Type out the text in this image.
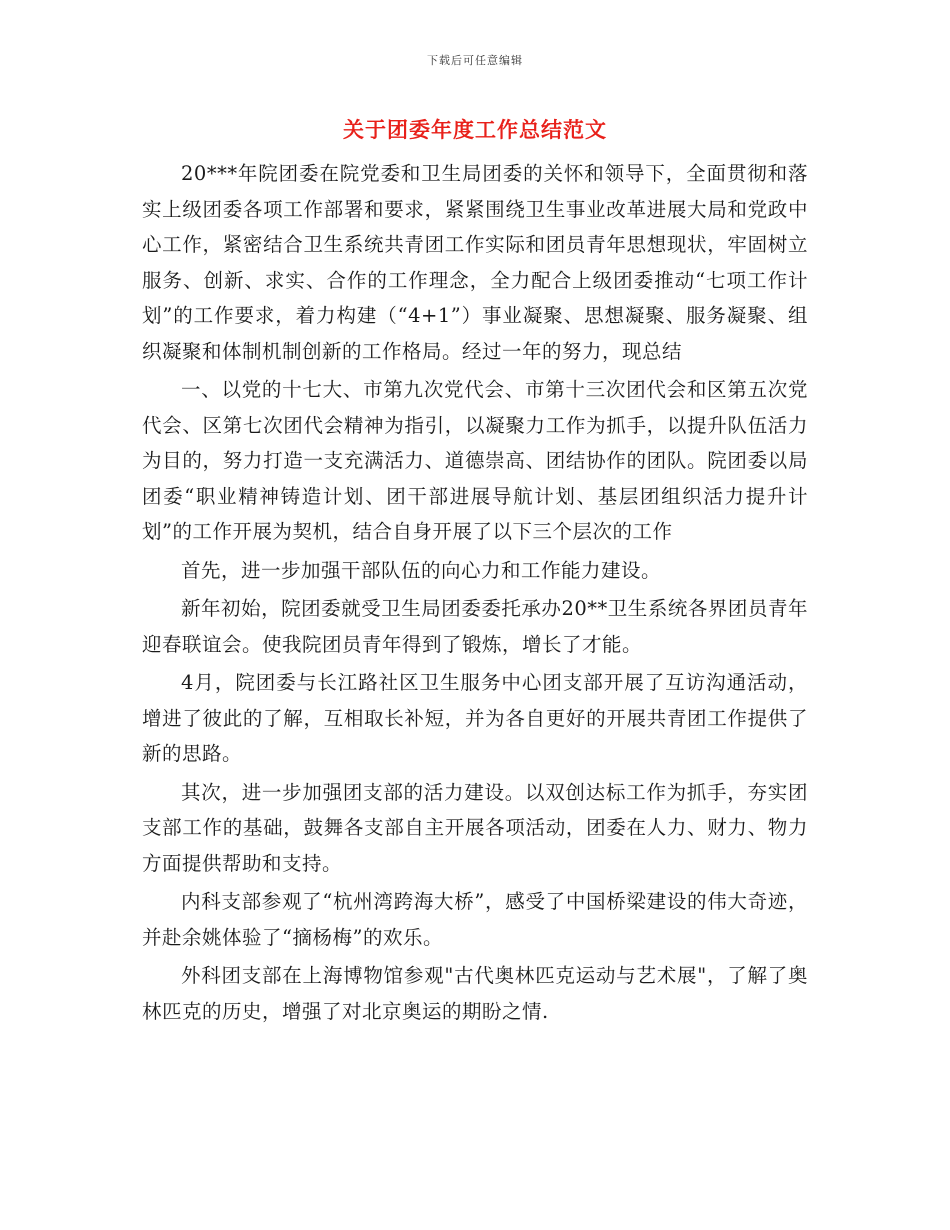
下载后可任意编辑
关于团委年度工作总结范文

20***年院团委在院党委和卫生局团委的关怀和领导下，全面贯彻和落实上级团委各项工作部署和要求，紧紧围绕卫生事业改革进展大局和党政中心工作，紧密结合卫生系统共青团工作实际和团员青年思想现状，牢固树立服务、创新、求实、合作的工作理念，全力配合上级团委推动“七项工作计划”的工作要求，着力构建（“4+1”）事业凝聚、思想凝聚、服务凝聚、组织凝聚和体制机制创新的工作格局。经过一年的努力，现总结

一、以党的十七大、市第九次党代会、市第十三次团代会和区第五次党代会、区第七次团代会精神为指引，以凝聚力工作为抓手，以提升队伍活力为目的，努力打造一支充满活力、道德崇高、团结协作的团队。院团委以局团委“职业精神铸造计划、团干部进展导航计划、基层团组织活力提升计划”的工作开展为契机，结合自身开展了以下三个层次的工作

首先，进一步加强干部队伍的向心力和工作能力建设。

新年初始，院团委就受卫生局团委委托承办20**卫生系统各界团员青年迎春联谊会。使我院团员青年得到了锻炼，增长了才能。

4月，院团委与长江路社区卫生服务中心团支部开展了互访沟通活动，增进了彼此的了解，互相取长补短，并为各自更好的开展共青团工作提供了新的思路。

其次，进一步加强团支部的活力建设。以双创达标工作为抓手，夯实团支部工作的基础，鼓舞各支部自主开展各项活动，团委在人力、财力、物力方面提供帮助和支持。

内科支部参观了“杭州湾跨海大桥”，感受了中国桥梁建设的伟大奇迹，并赴余姚体验了“摘杨梅”的欢乐。

外科团支部在上海博物馆参观"古代奥林匹克运动与艺术展"，了解了奥林匹克的历史，增强了对北京奥运的期盼之情.
